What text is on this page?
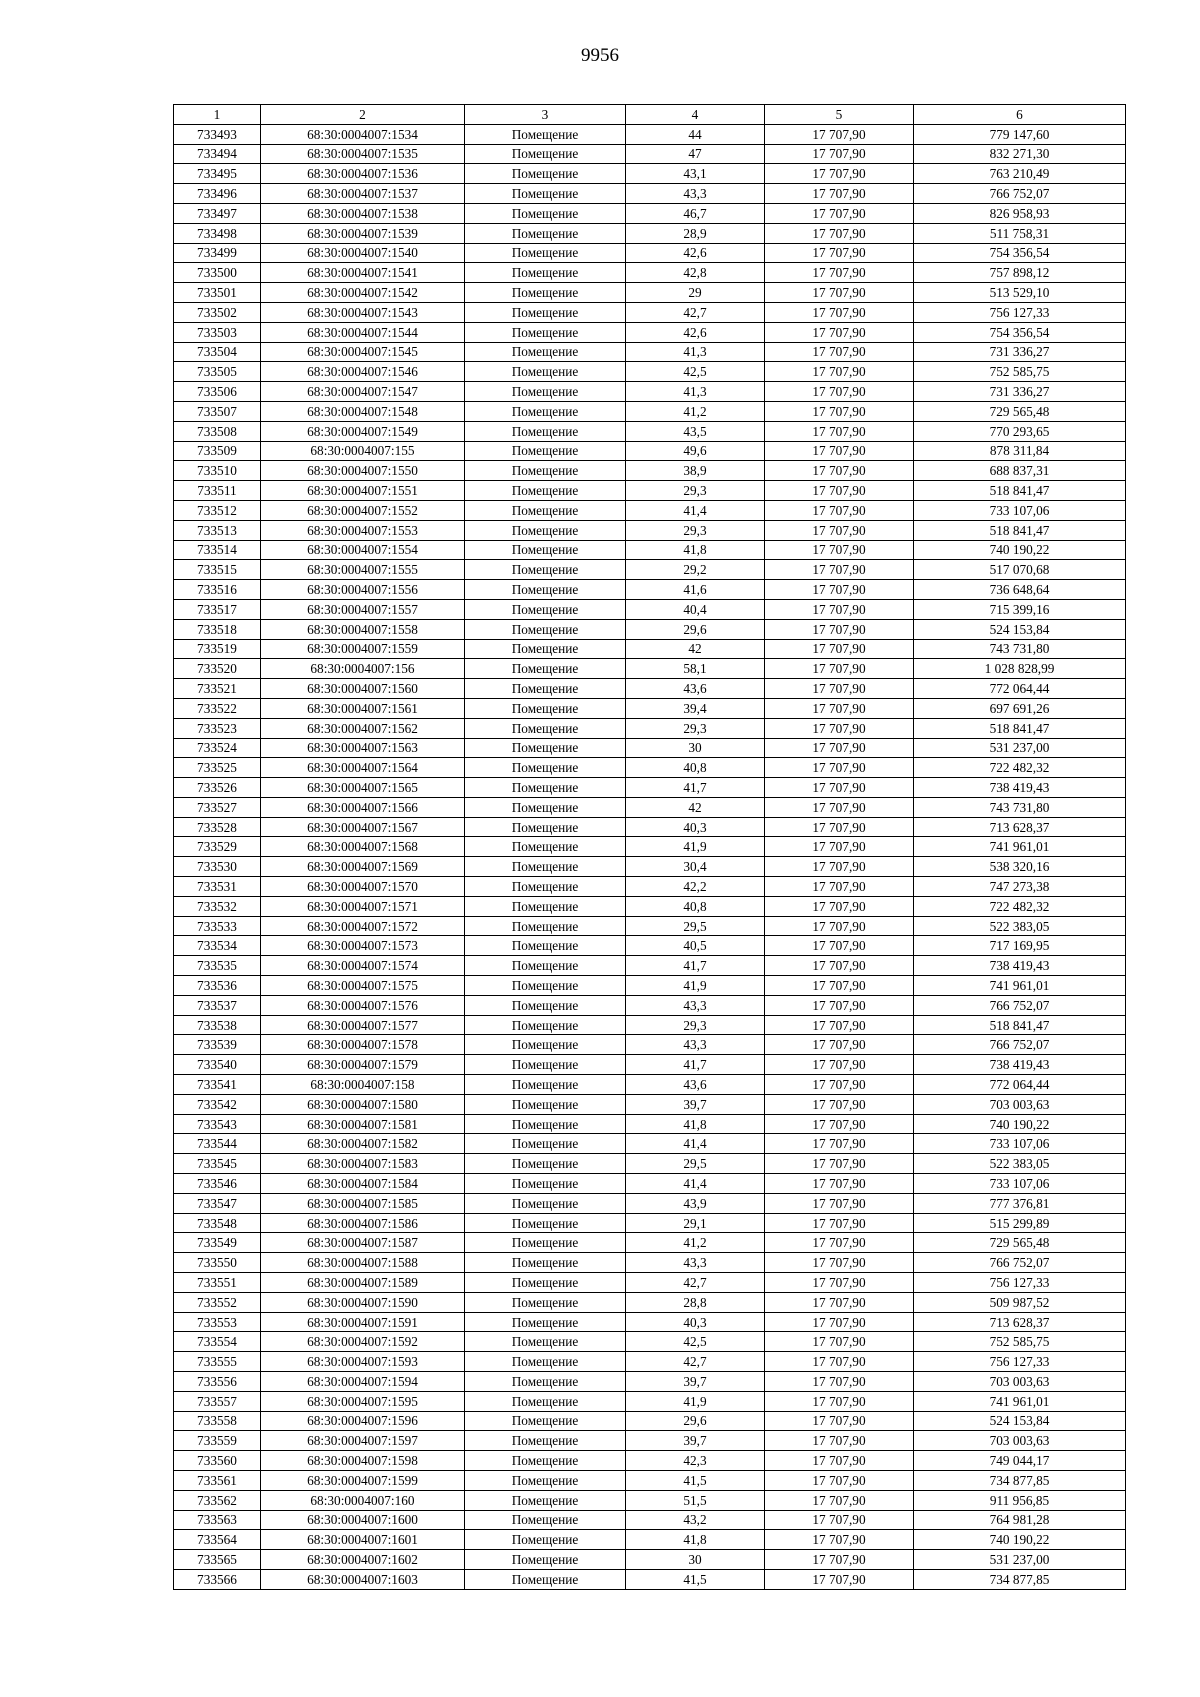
9956
1	2	3	4	5	6
733493	68:30:0004007:1534	Помещение	44	17 707,90	779 147,60
733494	68:30:0004007:1535	Помещение	47	17 707,90	832 271,30
733495	68:30:0004007:1536	Помещение	43,1	17 707,90	763 210,49
733496	68:30:0004007:1537	Помещение	43,3	17 707,90	766 752,07
733497	68:30:0004007:1538	Помещение	46,7	17 707,90	826 958,93
733498	68:30:0004007:1539	Помещение	28,9	17 707,90	511 758,31
733499	68:30:0004007:1540	Помещение	42,6	17 707,90	754 356,54
733500	68:30:0004007:1541	Помещение	42,8	17 707,90	757 898,12
733501	68:30:0004007:1542	Помещение	29	17 707,90	513 529,10
733502	68:30:0004007:1543	Помещение	42,7	17 707,90	756 127,33
733503	68:30:0004007:1544	Помещение	42,6	17 707,90	754 356,54
733504	68:30:0004007:1545	Помещение	41,3	17 707,90	731 336,27
733505	68:30:0004007:1546	Помещение	42,5	17 707,90	752 585,75
733506	68:30:0004007:1547	Помещение	41,3	17 707,90	731 336,27
733507	68:30:0004007:1548	Помещение	41,2	17 707,90	729 565,48
733508	68:30:0004007:1549	Помещение	43,5	17 707,90	770 293,65
733509	68:30:0004007:155	Помещение	49,6	17 707,90	878 311,84
733510	68:30:0004007:1550	Помещение	38,9	17 707,90	688 837,31
733511	68:30:0004007:1551	Помещение	29,3	17 707,90	518 841,47
733512	68:30:0004007:1552	Помещение	41,4	17 707,90	733 107,06
733513	68:30:0004007:1553	Помещение	29,3	17 707,90	518 841,47
733514	68:30:0004007:1554	Помещение	41,8	17 707,90	740 190,22
733515	68:30:0004007:1555	Помещение	29,2	17 707,90	517 070,68
733516	68:30:0004007:1556	Помещение	41,6	17 707,90	736 648,64
733517	68:30:0004007:1557	Помещение	40,4	17 707,90	715 399,16
733518	68:30:0004007:1558	Помещение	29,6	17 707,90	524 153,84
733519	68:30:0004007:1559	Помещение	42	17 707,90	743 731,80
733520	68:30:0004007:156	Помещение	58,1	17 707,90	1 028 828,99
733521	68:30:0004007:1560	Помещение	43,6	17 707,90	772 064,44
733522	68:30:0004007:1561	Помещение	39,4	17 707,90	697 691,26
733523	68:30:0004007:1562	Помещение	29,3	17 707,90	518 841,47
733524	68:30:0004007:1563	Помещение	30	17 707,90	531 237,00
733525	68:30:0004007:1564	Помещение	40,8	17 707,90	722 482,32
733526	68:30:0004007:1565	Помещение	41,7	17 707,90	738 419,43
733527	68:30:0004007:1566	Помещение	42	17 707,90	743 731,80
733528	68:30:0004007:1567	Помещение	40,3	17 707,90	713 628,37
733529	68:30:0004007:1568	Помещение	41,9	17 707,90	741 961,01
733530	68:30:0004007:1569	Помещение	30,4	17 707,90	538 320,16
733531	68:30:0004007:1570	Помещение	42,2	17 707,90	747 273,38
733532	68:30:0004007:1571	Помещение	40,8	17 707,90	722 482,32
733533	68:30:0004007:1572	Помещение	29,5	17 707,90	522 383,05
733534	68:30:0004007:1573	Помещение	40,5	17 707,90	717 169,95
733535	68:30:0004007:1574	Помещение	41,7	17 707,90	738 419,43
733536	68:30:0004007:1575	Помещение	41,9	17 707,90	741 961,01
733537	68:30:0004007:1576	Помещение	43,3	17 707,90	766 752,07
733538	68:30:0004007:1577	Помещение	29,3	17 707,90	518 841,47
733539	68:30:0004007:1578	Помещение	43,3	17 707,90	766 752,07
733540	68:30:0004007:1579	Помещение	41,7	17 707,90	738 419,43
733541	68:30:0004007:158	Помещение	43,6	17 707,90	772 064,44
733542	68:30:0004007:1580	Помещение	39,7	17 707,90	703 003,63
733543	68:30:0004007:1581	Помещение	41,8	17 707,90	740 190,22
733544	68:30:0004007:1582	Помещение	41,4	17 707,90	733 107,06
733545	68:30:0004007:1583	Помещение	29,5	17 707,90	522 383,05
733546	68:30:0004007:1584	Помещение	41,4	17 707,90	733 107,06
733547	68:30:0004007:1585	Помещение	43,9	17 707,90	777 376,81
733548	68:30:0004007:1586	Помещение	29,1	17 707,90	515 299,89
733549	68:30:0004007:1587	Помещение	41,2	17 707,90	729 565,48
733550	68:30:0004007:1588	Помещение	43,3	17 707,90	766 752,07
733551	68:30:0004007:1589	Помещение	42,7	17 707,90	756 127,33
733552	68:30:0004007:1590	Помещение	28,8	17 707,90	509 987,52
733553	68:30:0004007:1591	Помещение	40,3	17 707,90	713 628,37
733554	68:30:0004007:1592	Помещение	42,5	17 707,90	752 585,75
733555	68:30:0004007:1593	Помещение	42,7	17 707,90	756 127,33
733556	68:30:0004007:1594	Помещение	39,7	17 707,90	703 003,63
733557	68:30:0004007:1595	Помещение	41,9	17 707,90	741 961,01
733558	68:30:0004007:1596	Помещение	29,6	17 707,90	524 153,84
733559	68:30:0004007:1597	Помещение	39,7	17 707,90	703 003,63
733560	68:30:0004007:1598	Помещение	42,3	17 707,90	749 044,17
733561	68:30:0004007:1599	Помещение	41,5	17 707,90	734 877,85
733562	68:30:0004007:160	Помещение	51,5	17 707,90	911 956,85
733563	68:30:0004007:1600	Помещение	43,2	17 707,90	764 981,28
733564	68:30:0004007:1601	Помещение	41,8	17 707,90	740 190,22
733565	68:30:0004007:1602	Помещение	30	17 707,90	531 237,00
733566	68:30:0004007:1603	Помещение	41,5	17 707,90	734 877,85
